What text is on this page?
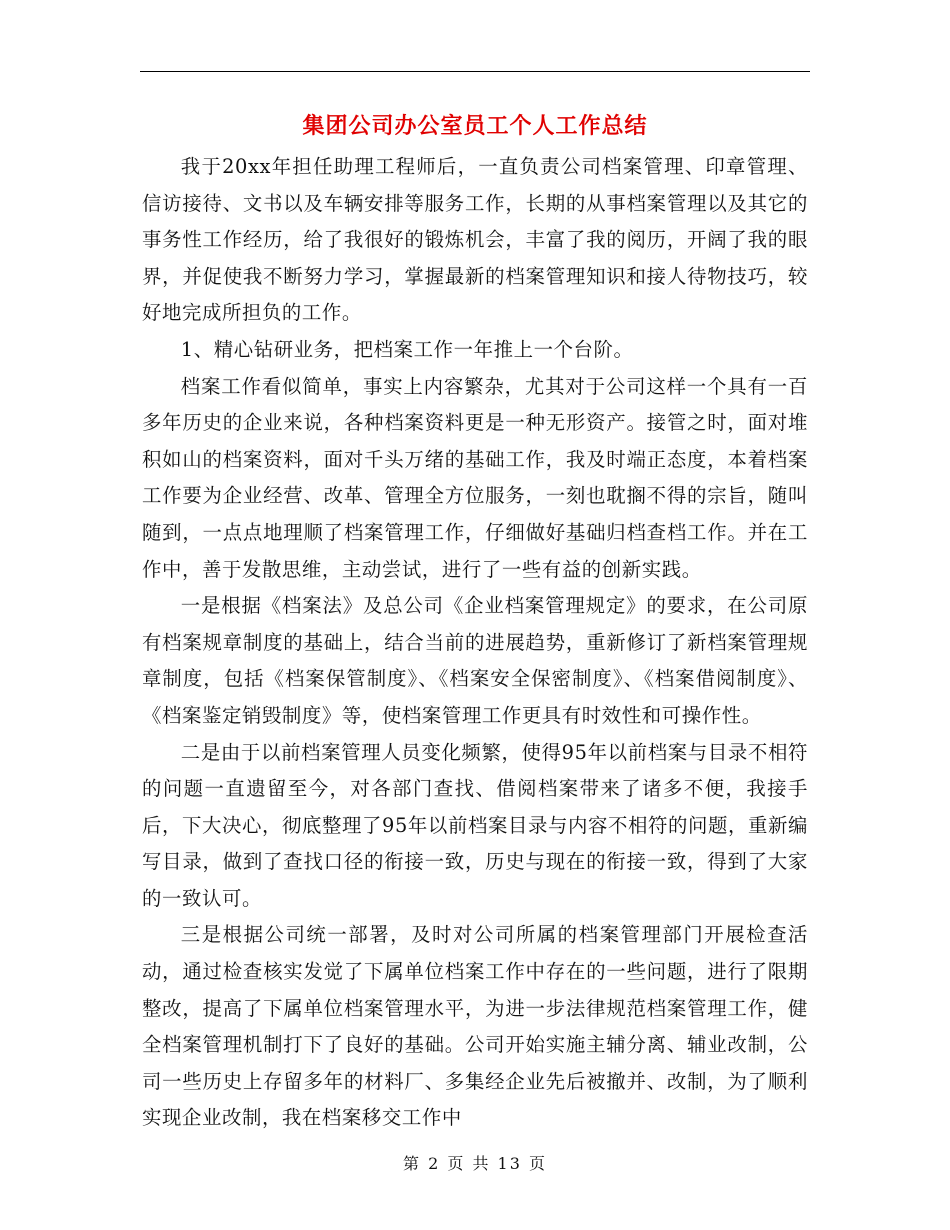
集团公司办公室员工个人工作总结

我于20xx年担任助理工程师后，一直负责公司档案管理、印章管理、信访接待、文书以及车辆安排等服务工作，长期的从事档案管理以及其它的事务性工作经历，给了我很好的锻炼机会，丰富了我的阅历，开阔了我的眼界，并促使我不断努力学习，掌握最新的档案管理知识和接人待物技巧，较好地完成所担负的工作。

1、精心钻研业务，把档案工作一年推上一个台阶。

档案工作看似简单，事实上内容繁杂，尤其对于公司这样一个具有一百多年历史的企业来说，各种档案资料更是一种无形资产。接管之时，面对堆积如山的档案资料，面对千头万绪的基础工作，我及时端正态度，本着档案工作要为企业经营、改革、管理全方位服务，一刻也耽搁不得的宗旨，随叫随到，一点点地理顺了档案管理工作，仔细做好基础归档查档工作。并在工作中，善于发散思维，主动尝试，进行了一些有益的创新实践。

一是根据《档案法》及总公司《企业档案管理规定》的要求，在公司原有档案规章制度的基础上，结合当前的进展趋势，重新修订了新档案管理规章制度，包括《档案保管制度》、《档案安全保密制度》、《档案借阅制度》、《档案鉴定销毁制度》等，使档案管理工作更具有时效性和可操作性。

二是由于以前档案管理人员变化频繁，使得95年以前档案与目录不相符的问题一直遗留至今，对各部门查找、借阅档案带来了诸多不便，我接手后，下大决心，彻底整理了95年以前档案目录与内容不相符的问题，重新编写目录，做到了查找口径的衔接一致，历史与现在的衔接一致，得到了大家的一致认可。

三是根据公司统一部署，及时对公司所属的档案管理部门开展检查活动，通过检查核实发觉了下属单位档案工作中存在的一些问题，进行了限期整改，提高了下属单位档案管理水平，为进一步法律规范档案管理工作，健全档案管理机制打下了良好的基础。公司开始实施主辅分离、辅业改制，公司一些历史上存留多年的材料厂、多集经企业先后被撤并、改制，为了顺利实现企业改制，我在档案移交工作中

第 2 页 共 13 页
